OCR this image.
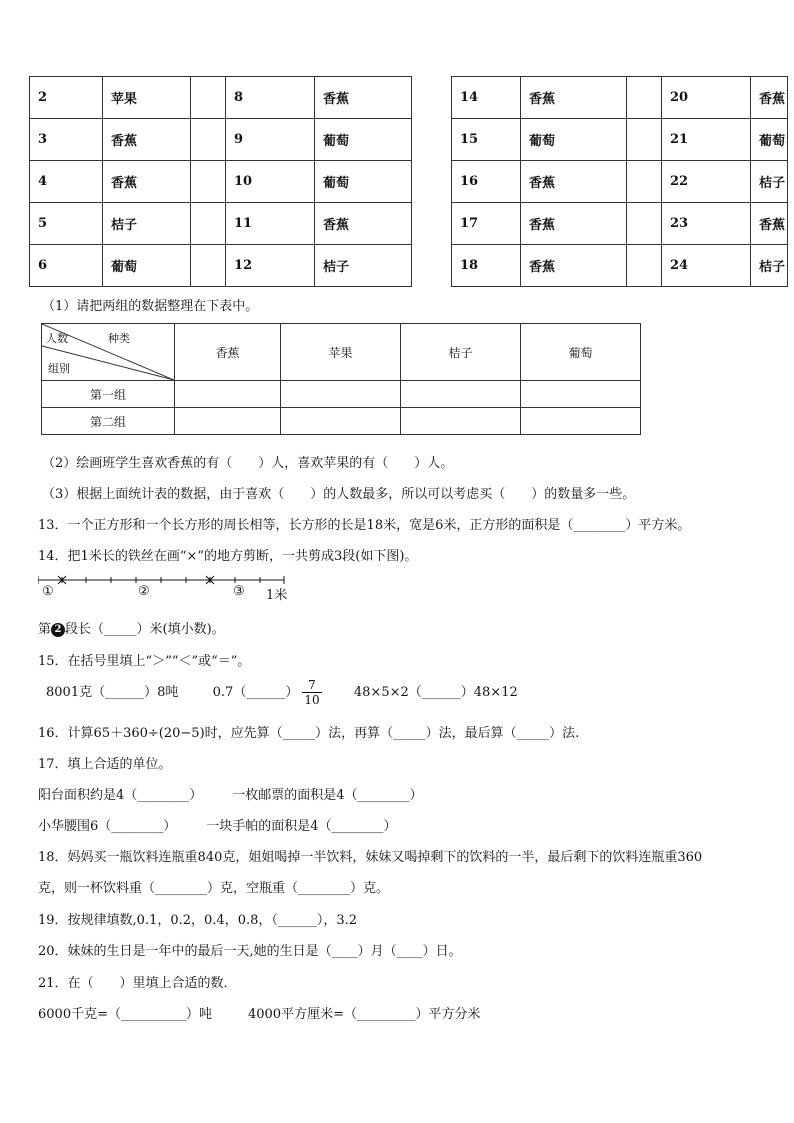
2	苹果		8	香蕉
3	香蕉		9	葡萄
4	香蕉		10	葡萄
5	桔子		11	香蕉
6	葡萄		12	桔子
14	香蕉		20	香蕉
15	葡萄		21	葡萄
16	香蕉		22	桔子
17	香蕉		23	香蕉
18	香蕉		24	桔子
（1）请把两组的数据整理在下表中。
人数 种类
组别	香蕉	苹果	桔子	葡萄
第一组				
第二组				
（2）绘画班学生喜欢香蕉的有（　　）人，喜欢苹果的有（　　）人。
（3）根据上面统计表的数据，由于喜欢（　　）的人数最多，所以可以考虑买（　　）的数量多一些。
13．一个正方形和一个长方形的周长相等，长方形的长是18米，宽是6米，正方形的面积是（________）平方米。
14．把1米长的铁丝在画“×”的地方剪断，一共剪成3段(如下图)。
①	②	③ 1米
第 2 段长（_____）米(填小数)。
15．在括号里填上“＞”“＜”或“＝”。
8001克（______）8吨	0.7（______） $\frac{7}{10}$ 48×5×2（______）48×12
16．计算65＋360÷(20−5)时，应先算（_____）法，再算（_____）法，最后算（_____）法.
17．填上合适的单位。
阳台面积约是4（________） 一枚邮票的面积是4（________）
小华腰围6（________） 一块手帕的面积是4（________）
18．妈妈买一瓶饮料连瓶重840克，姐姐喝掉一半饮料，妹妹又喝掉剩下的饮料的一半，最后剩下的饮料连瓶重360
克，则一杯饮料重（________）克，空瓶重（________）克。
19．按规律填数,0.1，0.2，0.4，0.8，（______），3.2
20．妹妹的生日是一年中的最后一天,她的生日是（____）月（____）日。
21．在（　　）里填上合适的数．
6000千克=（__________）吨	4000平方厘米=（_________）平方分米
